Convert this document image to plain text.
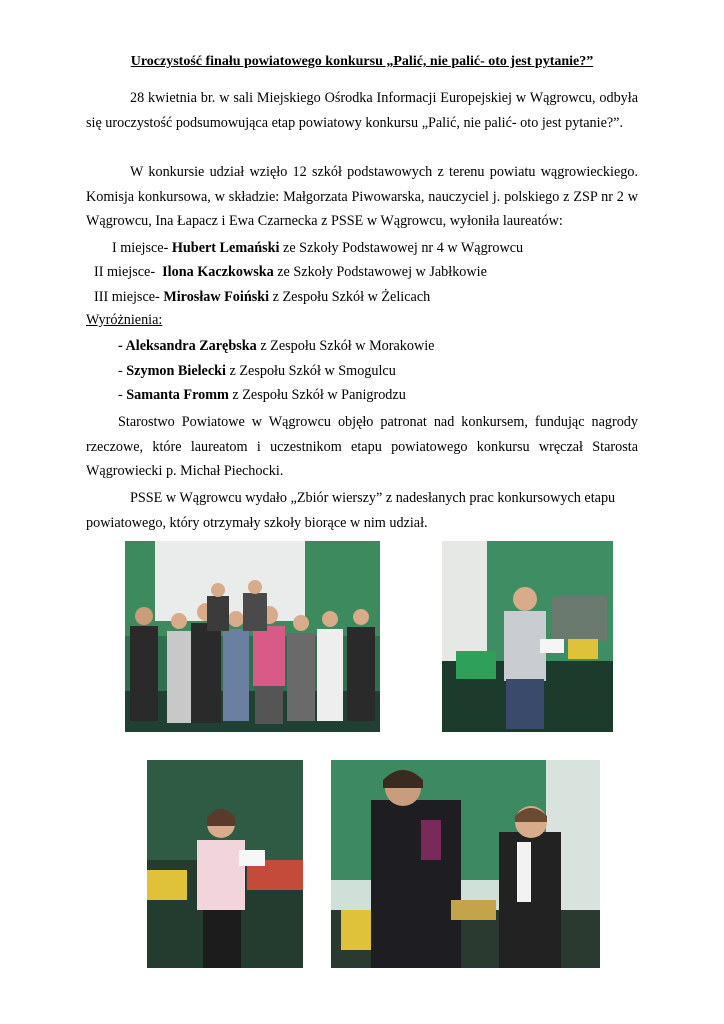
Uroczystość finału powiatowego konkursu „Palić, nie palić- oto jest pytanie?”
28 kwietnia br. w sali Miejskiego Ośrodka Informacji Europejskiej w Wągrowcu, odbyła się uroczystość podsumowująca etap powiatowy konkursu „Palić, nie palić- oto jest pytanie?”.
W konkursie udział wzięło 12 szkół podstawowych z terenu powiatu wągrowieckiego. Komisja konkursowa, w składzie: Małgorzata Piwowarska, nauczyciel j. polskiego z ZSP nr 2 w Wągrowcu, Ina Łapacz i Ewa Czarnecka z PSSE w Wągrowcu, wyłoniła laureatów:
I miejsce- Hubert Lemański ze Szkoły Podstawowej nr 4 w Wągrowcu
II miejsce- Ilona Kaczkowska ze Szkoły Podstawowej w Jabłkowie
III miejsce- Mirosław Foiński z Zespołu Szkół w Żelicach
Wyróżnienia:
- Aleksandra Zarębska z Zespołu Szkół w Morakowie
- Szymon Bielecki z Zespołu Szkół w Smogulcu
- Samanta Fromm z Zespołu Szkół w Panigrodzu
Starostwo Powiatowe w Wągrowcu objęło patronat nad konkursem, fundując nagrody rzeczowe, które laureatom i uczestnikom etapu powiatowego konkursu wręczał Starosta Wągrowiecki p. Michał Piechocki.
PSSE w Wągrowcu wydało „Zbiór wierszy” z nadesłanych prac konkursowych etapu powiatowego, który otrzymały szkoły biorące w nim udział.
